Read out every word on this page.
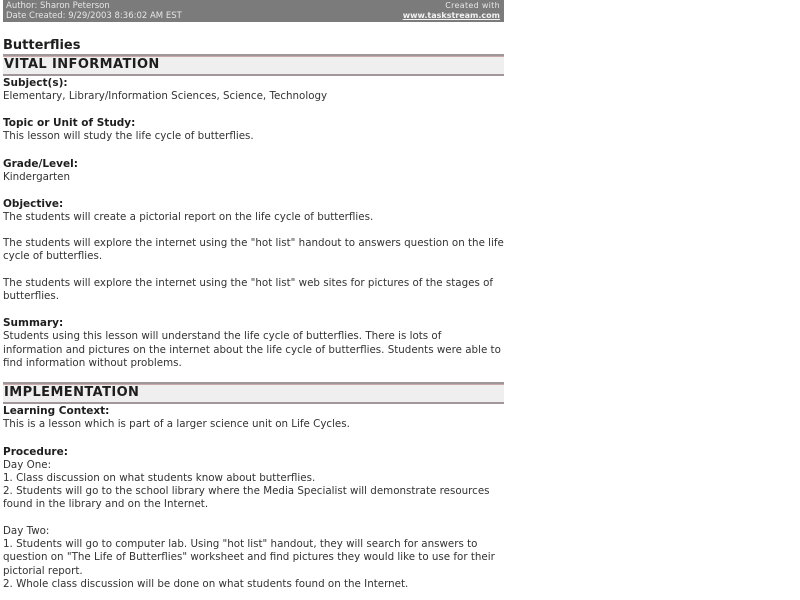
Author: Sharon Peterson
Date Created: 9/29/2003 8:36:02 AM EST
Created with
www.taskstream.com
Butterflies
VITAL INFORMATION
Subject(s):
Elementary, Library/Information Sciences, Science, Technology
Topic or Unit of Study:
This lesson will study the life cycle of butterflies.
Grade/Level:
Kindergarten
Objective:
The students will create a pictorial report on the life cycle of butterflies.
The students will explore the internet using the "hot list" handout to answers question on the life cycle of butterflies.
The students will explore the internet using the "hot list" web sites for pictures of the stages of butterflies.
Summary:
Students using this lesson will understand the life cycle of butterflies. There is lots of information and pictures on the internet about the life cycle of butterflies. Students were able to find information without problems.
IMPLEMENTATION
Learning Context:
This is a lesson which is part of a larger science unit on Life Cycles.
Procedure:
Day One:
1. Class discussion on what students know about butterflies.
2. Students will go to the school library where the Media Specialist will demonstrate resources found in the library and on the Internet.
Day Two:
1. Students will go to computer lab. Using "hot list" handout, they will search for answers to question on "The Life of Butterflies" worksheet and find pictures they would like to use for their pictorial report.
2. Whole class discussion will be done on what students found on the Internet.
